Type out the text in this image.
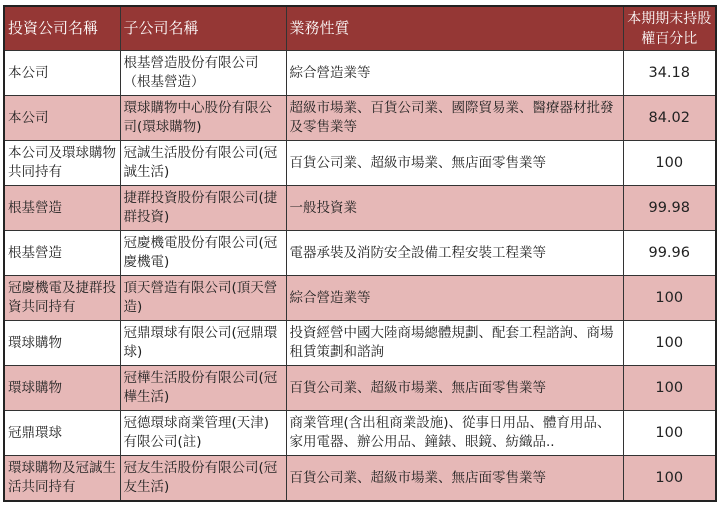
投資公司名稱	子公司名稱	業務性質	本期期末持股權百分比
本公司	根基營造股份有限公司（根基營造）	綜合營造業等	34.18
本公司	環球購物中心股份有限公司(環球購物)	超級市場業、百貨公司業、國際貿易業、醫療器材批發及零售業等	84.02
本公司及環球購物共同持有	冠誠生活股份有限公司(冠誠生活)	百貨公司業、超級市場業、無店面零售業等	100
根基營造	捷群投資股份有限公司(捷群投資)	一般投資業	99.98
根基營造	冠慶機電股份有限公司(冠慶機電)	電器承裝及消防安全設備工程安裝工程業等	99.96
冠慶機電及捷群投資共同持有	頂天營造有限公司(頂天營造)	綜合營造業等	100
環球購物	冠鼎環球有限公司(冠鼎環球)	投資經營中國大陸商場總體規劃、配套工程諮詢、商場租賃策劃和諮詢	100
環球購物	冠樺生活股份有限公司(冠樺生活)	百貨公司業、超級市場業、無店面零售業等	100
冠鼎環球	冠德環球商業管理(天津)有限公司(註)	商業管理(含出租商業設施)、從事日用品、體育用品、家用電器、辦公用品、鐘錶、眼鏡、紡織品..	100
環球購物及冠誠生活共同持有	冠友生活股份有限公司(冠友生活)	百貨公司業、超級市場業、無店面零售業等	100
